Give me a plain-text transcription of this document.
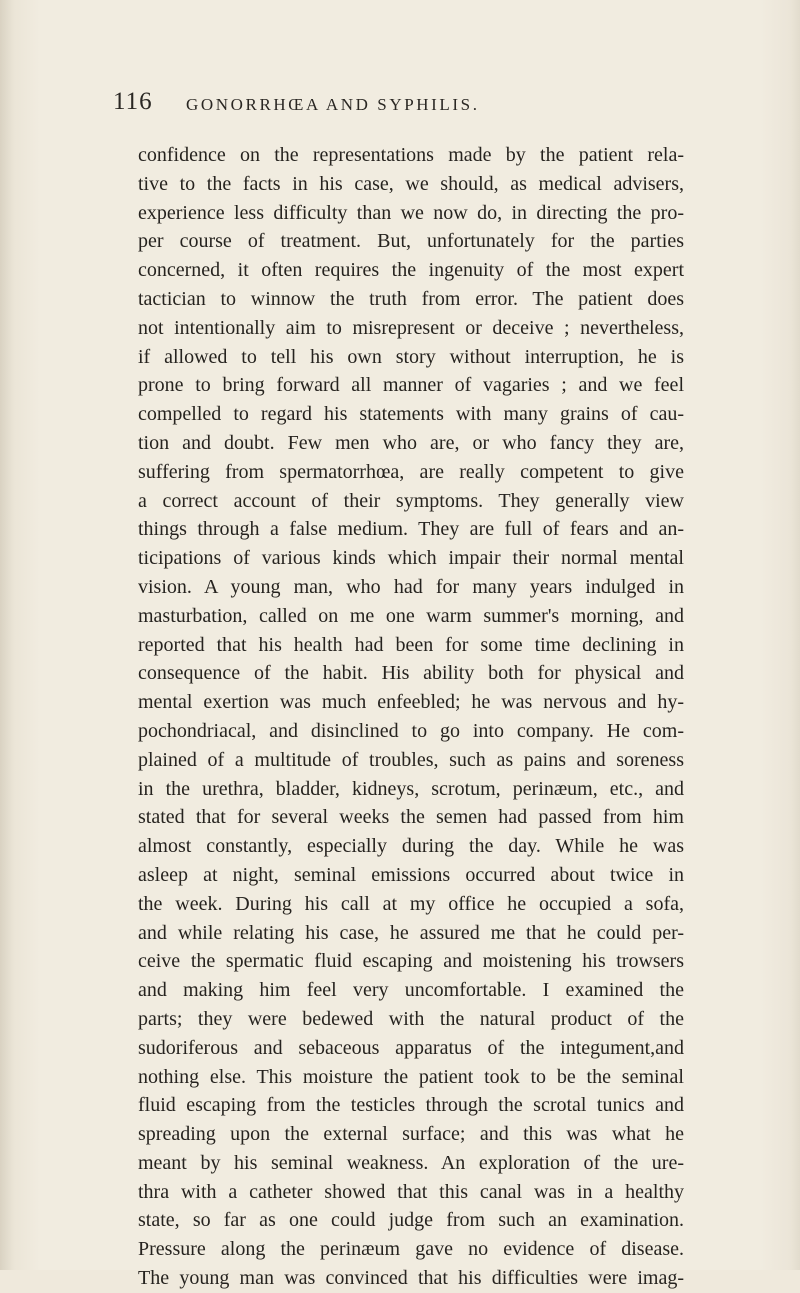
116 GONORRHŒA AND SYPHILIS.
confidence on the representations made by the patient rela-
tive to the facts in his case, we should, as medical advisers,
experience less difficulty than we now do, in directing the pro-
per course of treatment. But, unfortunately for the parties
concerned, it often requires the ingenuity of the most expert
tactician to winnow the truth from error. The patient does
not intentionally aim to misrepresent or deceive ; nevertheless,
if allowed to tell his own story without interruption, he is
prone to bring forward all manner of vagaries ; and we feel
compelled to regard his statements with many grains of cau-
tion and doubt. Few men who are, or who fancy they are,
suffering from spermatorrhœa, are really competent to give
a correct account of their symptoms. They generally view
things through a false medium. They are full of fears and an-
ticipations of various kinds which impair their normal mental
vision. A young man, who had for many years indulged in
masturbation, called on me one warm summer's morning, and
reported that his health had been for some time declining in
consequence of the habit. His ability both for physical and
mental exertion was much enfeebled; he was nervous and hy-
pochondriacal, and disinclined to go into company. He com-
plained of a multitude of troubles, such as pains and soreness
in the urethra, bladder, kidneys, scrotum, perinæum, etc., and
stated that for several weeks the semen had passed from him
almost constantly, especially during the day. While he was
asleep at night, seminal emissions occurred about twice in
the week. During his call at my office he occupied a sofa,
and while relating his case, he assured me that he could per-
ceive the spermatic fluid escaping and moistening his trowsers
and making him feel very uncomfortable. I examined the
parts; they were bedewed with the natural product of the
sudoriferous and sebaceous apparatus of the integument,and
nothing else. This moisture the patient took to be the seminal
fluid escaping from the testicles through the scrotal tunics and
spreading upon the external surface; and this was what he
meant by his seminal weakness. An exploration of the ure-
thra with a catheter showed that this canal was in a healthy
state, so far as one could judge from such an examination.
Pressure along the perinæum gave no evidence of disease.
The young man was convinced that his difficulties were imag-
